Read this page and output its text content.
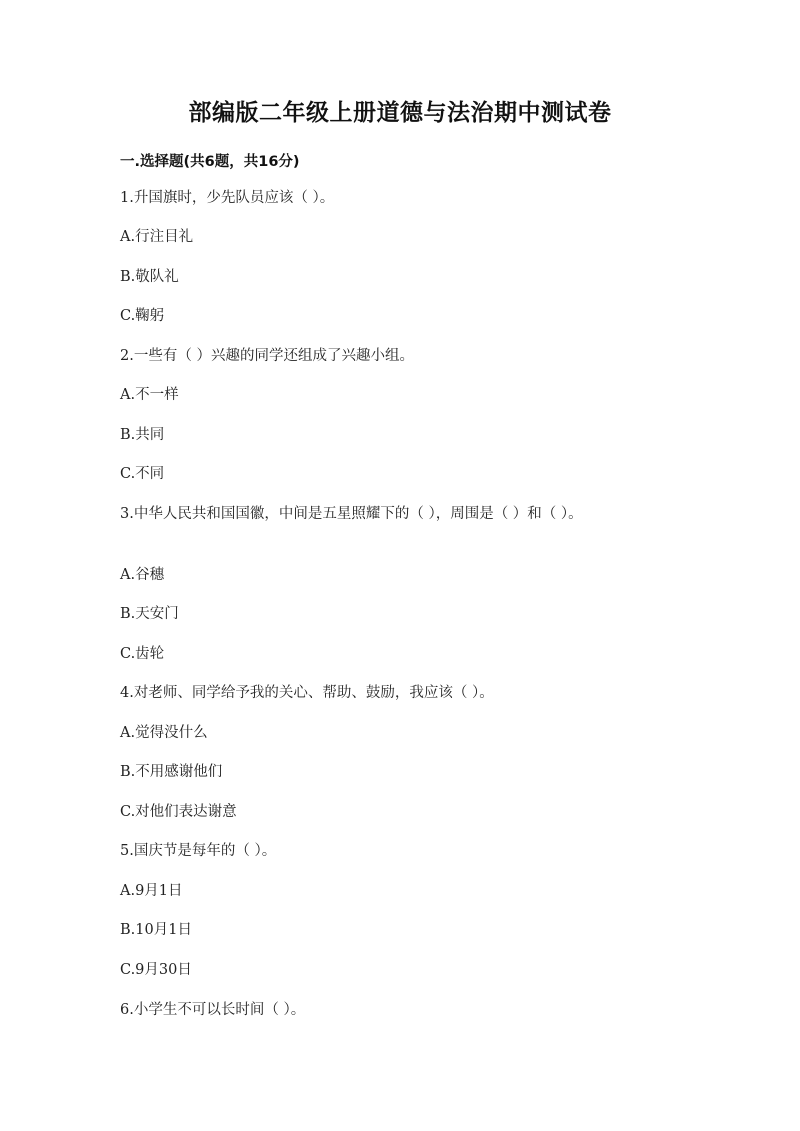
部编版二年级上册道德与法治期中测试卷
一.选择题(共6题，共16分)
1.升国旗时，少先队员应该（ ）。
A.行注目礼
B.敬队礼
C.鞠躬
2.一些有（ ）兴趣的同学还组成了兴趣小组。
A.不一样
B.共同
C.不同
3.中华人民共和国国徽，中间是五星照耀下的（ ），周围是（ ）和（ ）。
A.谷穗
B.天安门
C.齿轮
4.对老师、同学给予我的关心、帮助、鼓励，我应该（ ）。
A.觉得没什么
B.不用感谢他们
C.对他们表达谢意
5.国庆节是每年的（ ）。
A.9月1日
B.10月1日
C.9月30日
6.小学生不可以长时间（ ）。
